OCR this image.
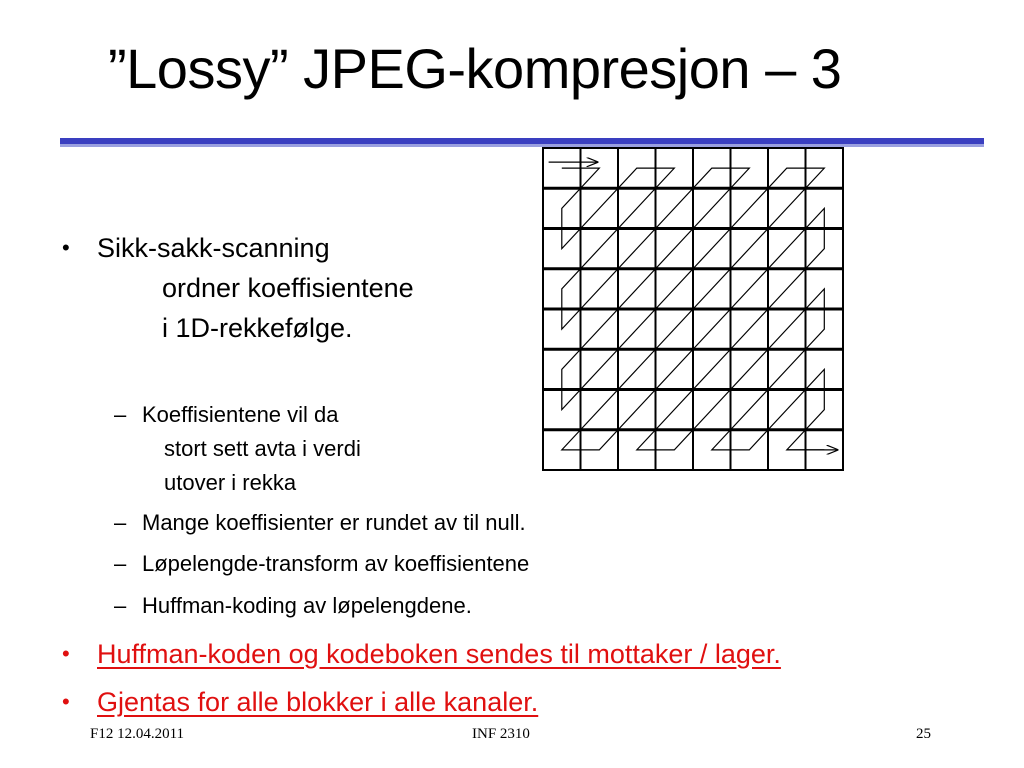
”Lossy” JPEG-kompresjon – 3
• Sikk-sakk-scanning
ordner koeffisientene
i 1D-rekkefølge.
– Koeffisientene vil da
stort sett avta i verdi
utover i rekka
– Mange koeffisienter er rundet av til null.
– Løpelengde-transform av koeffisientene
– Huffman-koding av løpelengdene.
• Huffman-koden og kodeboken sendes til mottaker / lager.
• Gjentas for alle blokker i alle kanaler.
F12 12.04.2011	INF 2310	25
